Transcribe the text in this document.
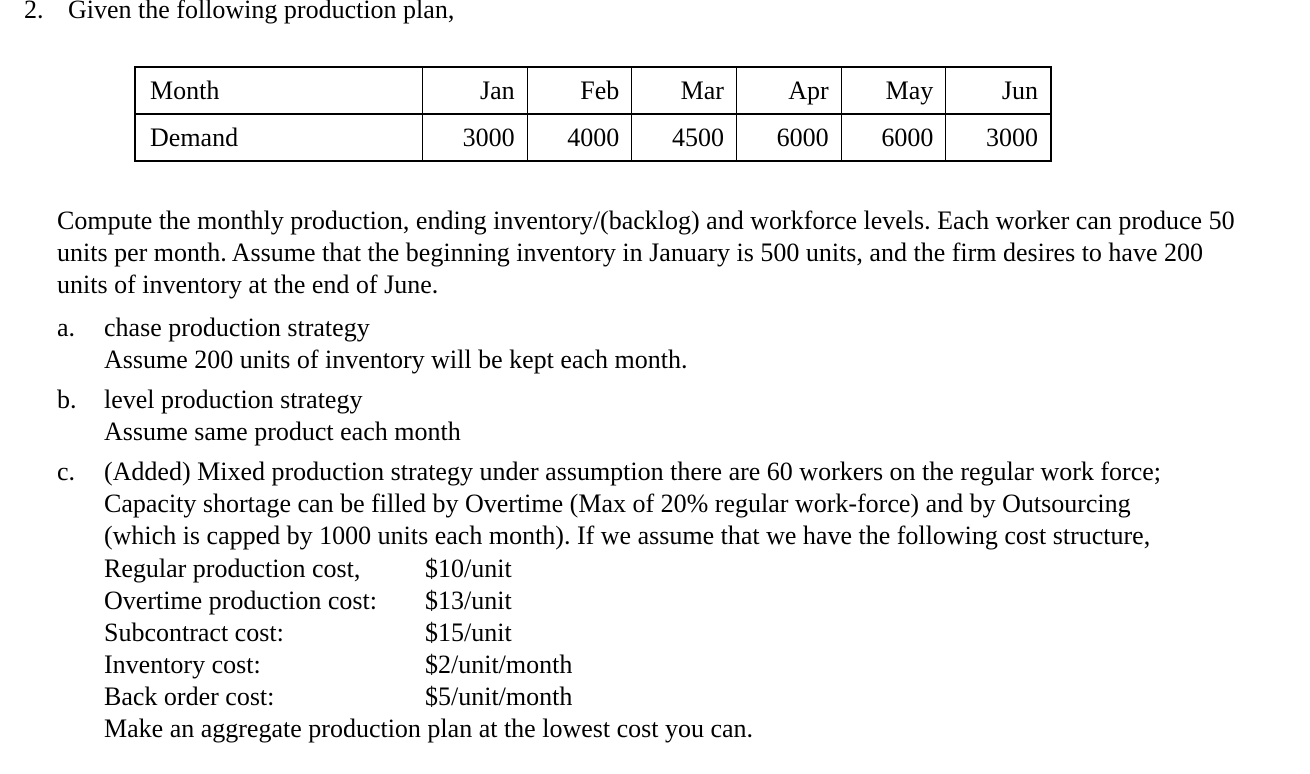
2. Given the following production plan,
Month	Jan	Feb	Mar	Apr	May	Jun
Demand	3000	4000	4500	6000	6000	3000
Compute the monthly production, ending inventory/(backlog) and workforce levels. Each worker can produce 50 units per month. Assume that the beginning inventory in January is 500 units, and the firm desires to have 200 units of inventory at the end of June.
a. chase production strategy
Assume 200 units of inventory will be kept each month.
b. level production strategy
Assume same product each month
c. (Added) Mixed production strategy under assumption there are 60 workers on the regular work force;
Capacity shortage can be filled by Overtime (Max of 20% regular work-force) and by Outsourcing
(which is capped by 1000 units each month). If we assume that we have the following cost structure,
Regular production cost, $10/unit
Overtime production cost: $13/unit
Subcontract cost:	$15/unit
Inventory cost:	$2/unit/month
Back order cost:	$5/unit/month
Make an aggregate production plan at the lowest cost you can.
